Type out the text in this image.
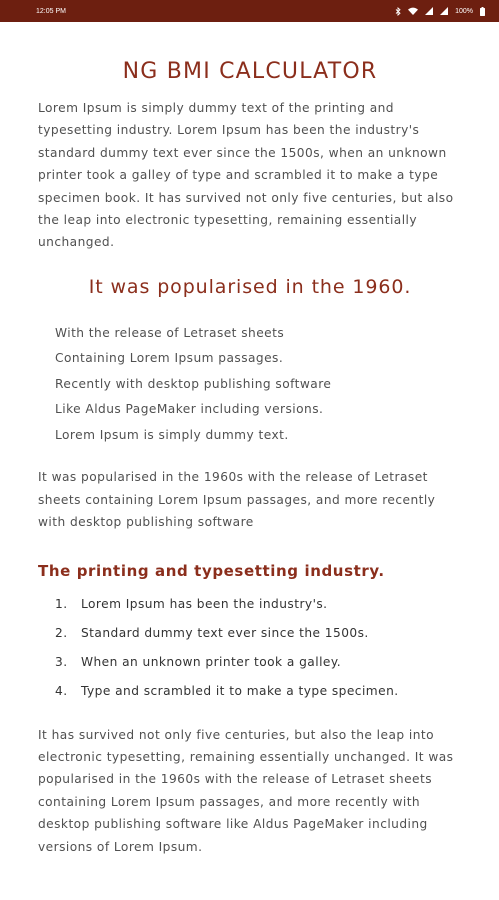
12:05 PM	100%
NG BMI CALCULATOR

Lorem Ipsum is simply dummy text of the printing and typesetting industry. Lorem Ipsum has been the industry's standard dummy text ever since the 1500s, when an unknown printer took a galley of type and scrambled it to make a type specimen book. It has survived not only five centuries, but also the leap into electronic typesetting, remaining essentially unchanged.

It was popularised in the 1960.
With the release of Letraset sheets
Containing Lorem Ipsum passages.
Recently with desktop publishing software
Like Aldus PageMaker including versions.
Lorem Ipsum is simply dummy text.

It was popularised in the 1960s with the release of Letraset sheets containing Lorem Ipsum passages, and more recently with desktop publishing software

The printing and typesetting industry.
1.	Lorem Ipsum has been the industry's.
2.	Standard dummy text ever since the 1500s.
3.	When an unknown printer took a galley.
4.	Type and scrambled it to make a type specimen.

It has survived not only five centuries, but also the leap into electronic typesetting, remaining essentially unchanged. It was popularised in the 1960s with the release of Letraset sheets containing Lorem Ipsum passages, and more recently with desktop publishing software like Aldus PageMaker including versions of Lorem Ipsum.
